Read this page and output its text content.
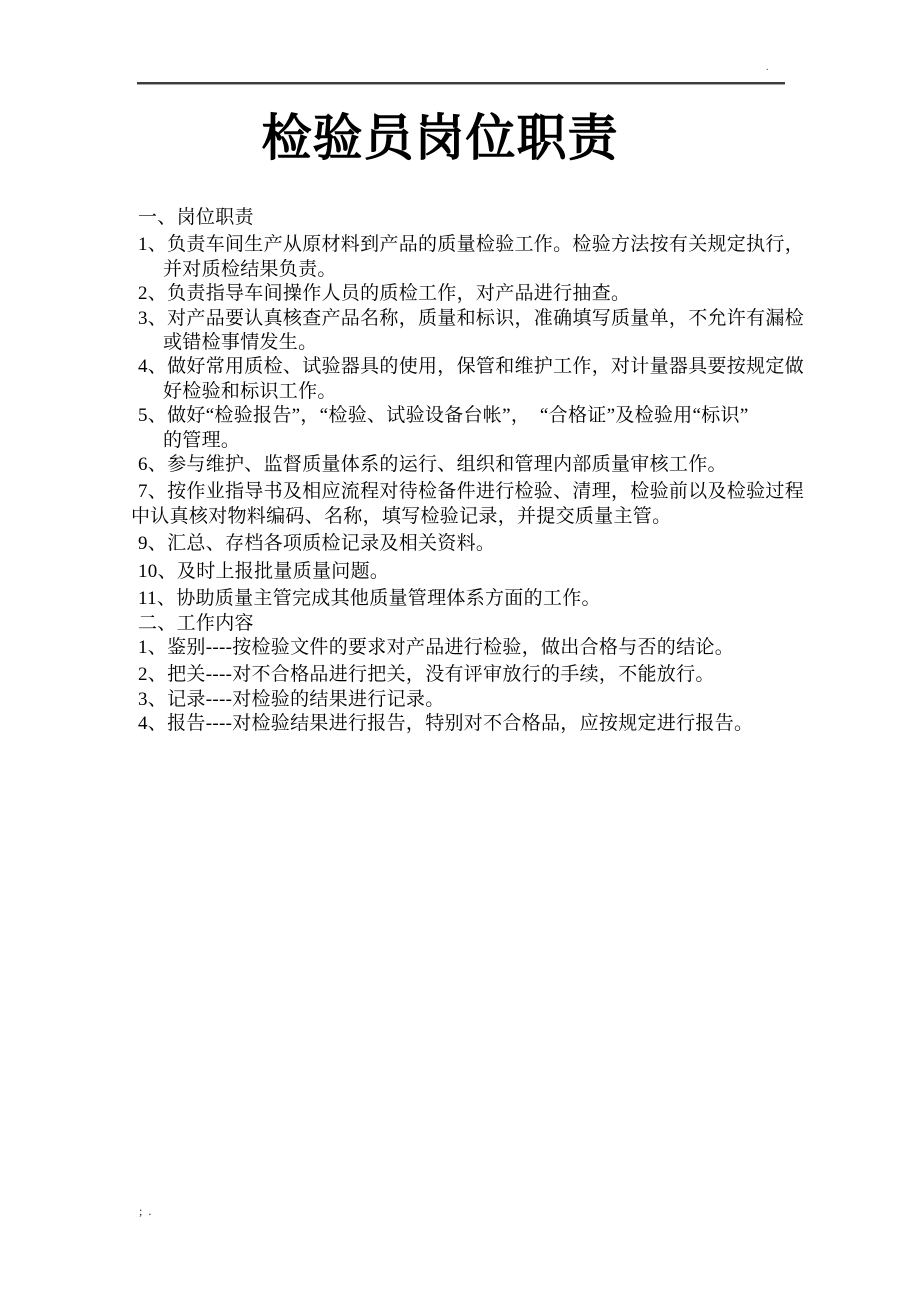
.
检验员岗位职责
一、岗位职责
1、负责车间生产从原材料到产品的质量检验工作。检验方法按有关规定执行，
并对质检结果负责。
2、负责指导车间操作人员的质检工作，对产品进行抽查。
3、对产品要认真核查产品名称，质量和标识，准确填写质量单，不允许有漏检
或错检事情发生。
4、做好常用质检、试验器具的使用，保管和维护工作，对计量器具要按规定做
好检验和标识工作。
5、做好“检验报告”，“检验、试验设备台帐”，　“合格证”及检验用“标识”
的管理。
6、参与维护、监督质量体系的运行、组织和管理内部质量审核工作。
7、按作业指导书及相应流程对待检备件进行检验、清理，检验前以及检验过程
中认真核对物料编码、名称，填写检验记录，并提交质量主管。
9、汇总、存档各项质检记录及相关资料。
10、及时上报批量质量问题。
11、协助质量主管完成其他质量管理体系方面的工作。
二、工作内容
1、鉴别----按检验文件的要求对产品进行检验，做出合格与否的结论。
2、把关----对不合格品进行把关，没有评审放行的手续，不能放行。
3、记录----对检验的结果进行记录。
4、报告----对检验结果进行报告，特别对不合格品，应按规定进行报告。
;  .
